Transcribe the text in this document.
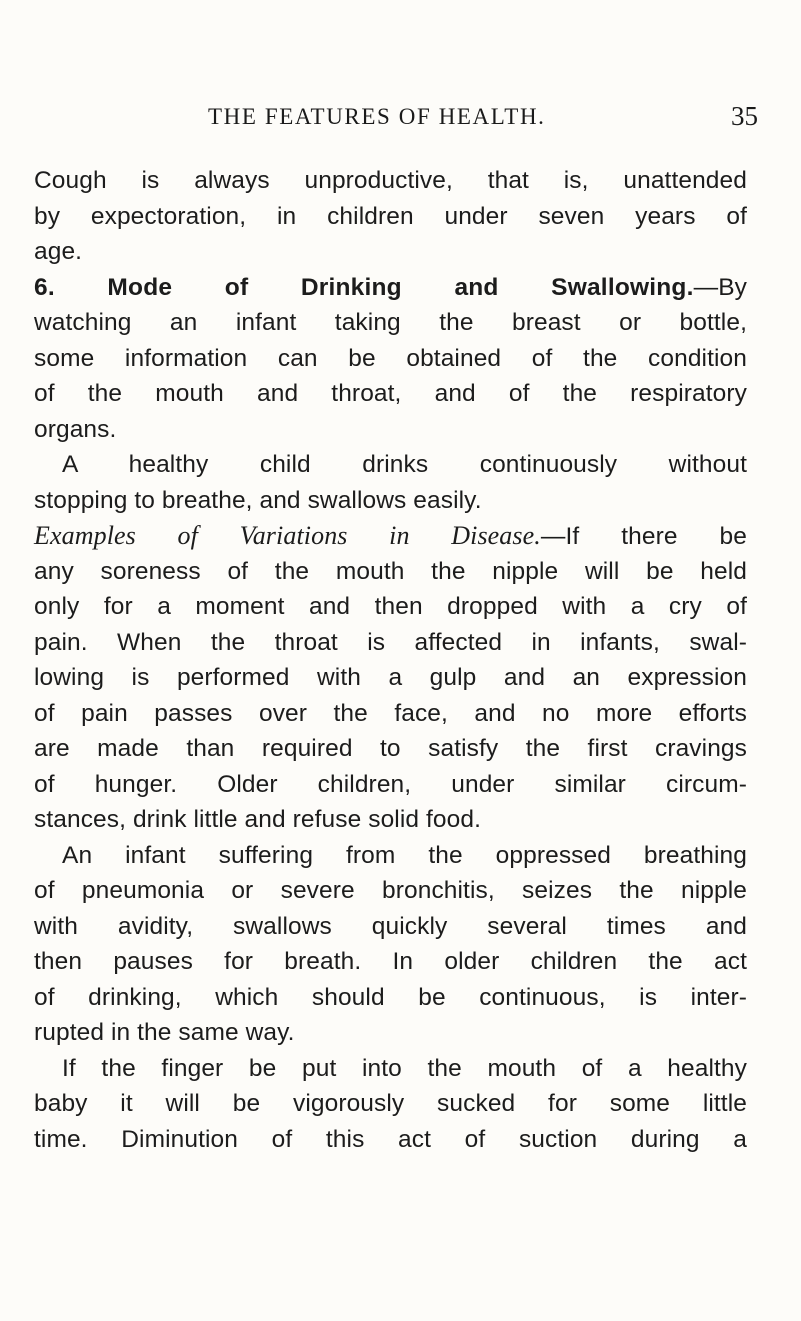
THE FEATURES OF HEALTH.	35
Cough is always unproductive, that is, unattended
by expectoration, in children under seven years of
age.
6. Mode of Drinking and Swallowing.—By
watching an infant taking the breast or bottle,
some information can be obtained of the condition
of the mouth and throat, and of the respiratory
organs.
A healthy child drinks continuously without
stopping to breathe, and swallows easily.
Examples of Variations in Disease.—If there be
any soreness of the mouth the nipple will be held
only for a moment and then dropped with a cry of
pain. When the throat is affected in infants, swal-
lowing is performed with a gulp and an expression
of pain passes over the face, and no more efforts
are made than required to satisfy the first cravings
of hunger. Older children, under similar circum-
stances, drink little and refuse solid food.
An infant suffering from the oppressed breathing
of pneumonia or severe bronchitis, seizes the nipple
with avidity, swallows quickly several times and
then pauses for breath. In older children the act
of drinking, which should be continuous, is inter-
rupted in the same way.
If the finger be put into the mouth of a healthy
baby it will be vigorously sucked for some little
time. Diminution of this act of suction during a
